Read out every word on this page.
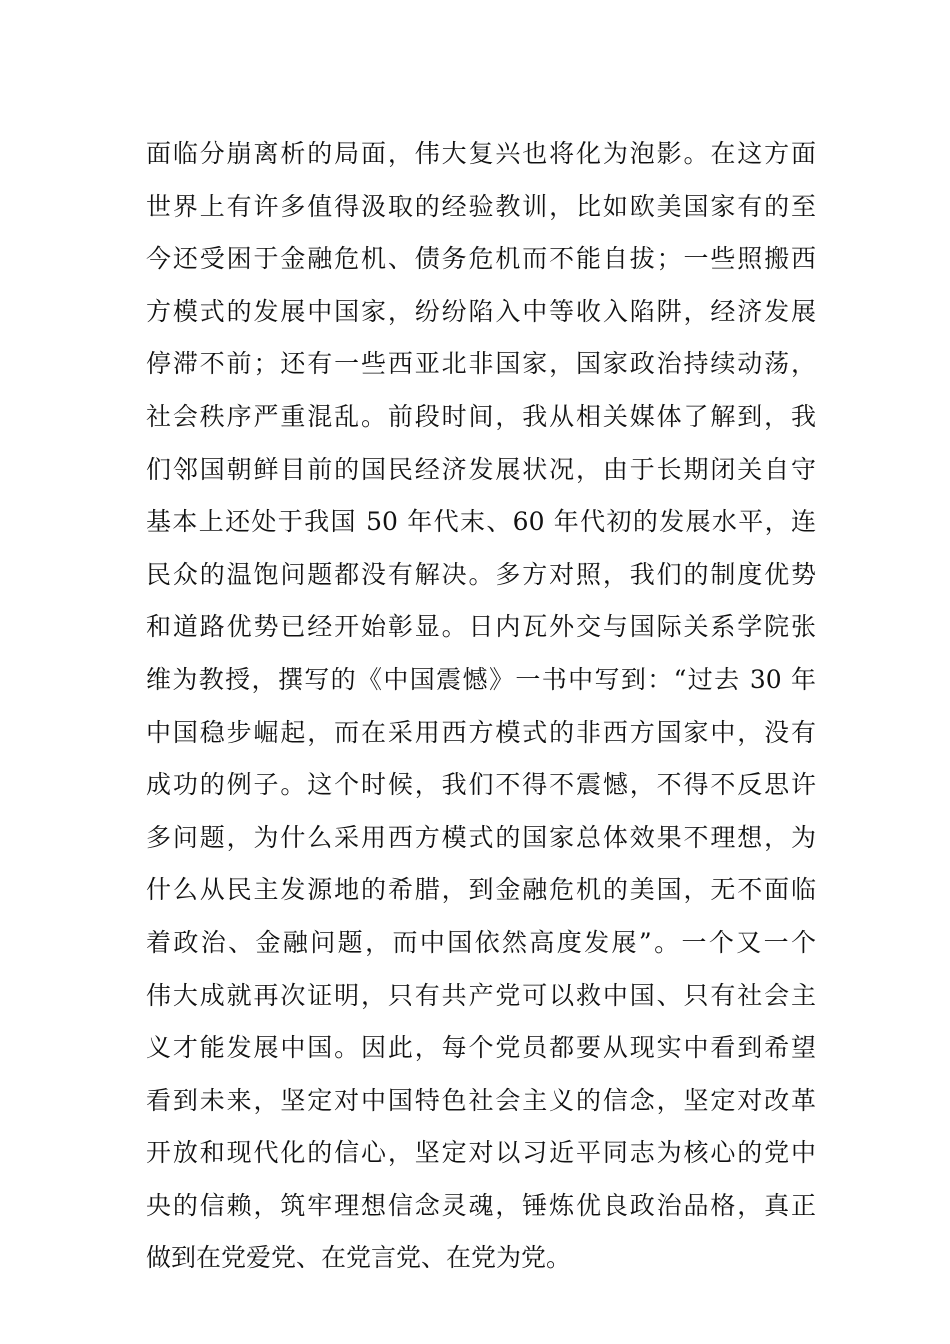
面临分崩离析的局面，伟大复兴也将化为泡影。在这方面
世界上有许多值得汲取的经验教训，比如欧美国家有的至
今还受困于金融危机、债务危机而不能自拔；一些照搬西
方模式的发展中国家，纷纷陷入中等收入陷阱，经济发展
停滞不前；还有一些西亚北非国家，国家政治持续动荡，
社会秩序严重混乱。前段时间，我从相关媒体了解到，我
们邻国朝鲜目前的国民经济发展状况，由于长期闭关自守
基本上还处于我国 50 年代末、60 年代初的发展水平，连
民众的温饱问题都没有解决。多方对照，我们的制度优势
和道路优势已经开始彰显。日内瓦外交与国际关系学院张
维为教授，撰写的《中国震憾》一书中写到：“过去 30 年
中国稳步崛起，而在采用西方模式的非西方国家中，没有
成功的例子。这个时候，我们不得不震憾，不得不反思许
多问题，为什么采用西方模式的国家总体效果不理想，为
什么从民主发源地的希腊，到金融危机的美国，无不面临
着政治、金融问题，而中国依然高度发展”。一个又一个
伟大成就再次证明，只有共产党可以救中国、只有社会主
义才能发展中国。因此，每个党员都要从现实中看到希望
看到未来，坚定对中国特色社会主义的信念，坚定对改革
开放和现代化的信心，坚定对以习近平同志为核心的党中
央的信赖，筑牢理想信念灵魂，锤炼优良政治品格，真正
做到在党爱党、在党言党、在党为党。
